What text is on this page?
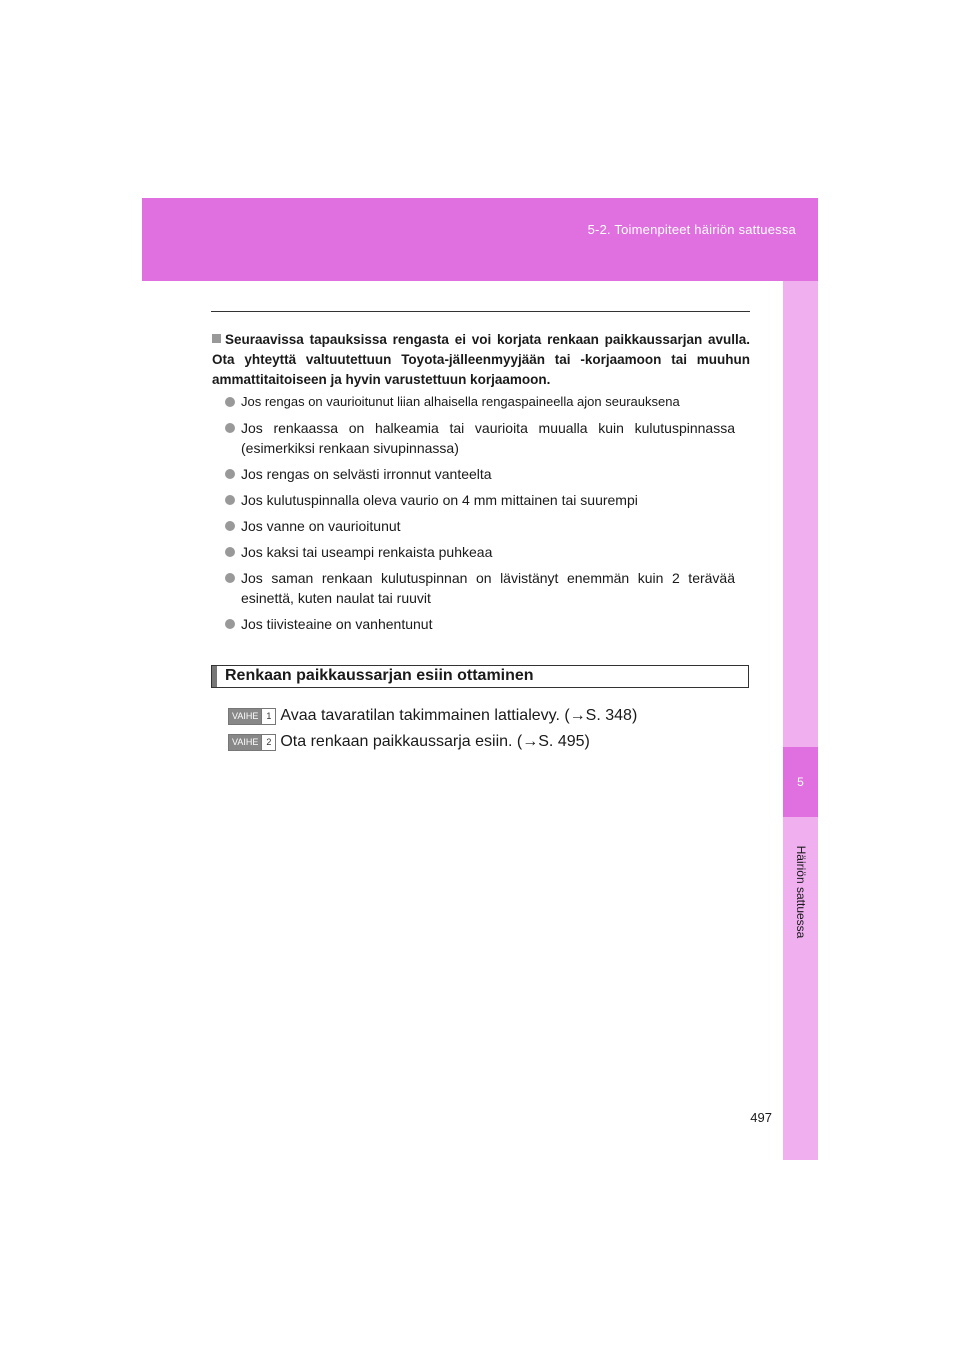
5-2. Toimenpiteet häiriön sattuessa
5
Häiriön sattuessa
Seuraavissa tapauksissa rengasta ei voi korjata renkaan paikkaussarjan avulla. Ota yhteyttä valtuutettuun Toyota-jälleenmyyjään tai -korjaamoon tai muuhun ammattitaitoiseen ja hyvin varustettuun korjaamoon.
Jos rengas on vaurioitunut liian alhaisella rengaspaineella ajon seurauksena
Jos renkaassa on halkeamia tai vaurioita muualla kuin kulutuspinnassa (esimerkiksi renkaan sivupinnassa)
Jos rengas on selvästi irronnut vanteelta
Jos kulutuspinnalla oleva vaurio on 4 mm mittainen tai suurempi
Jos vanne on vaurioitunut
Jos kaksi tai useampi renkaista puhkeaa
Jos saman renkaan kulutuspinnan on lävistänyt enemmän kuin 2 terävää esinettä, kuten naulat tai ruuvit
Jos tiivisteaine on vanhentunut
Renkaan paikkaussarjan esiin ottaminen
VAIHE 1 Avaa tavaratilan takimmainen lattialevy. (→S. 348)
VAIHE 2 Ota renkaan paikkaussarja esiin. (→S. 495)
497
